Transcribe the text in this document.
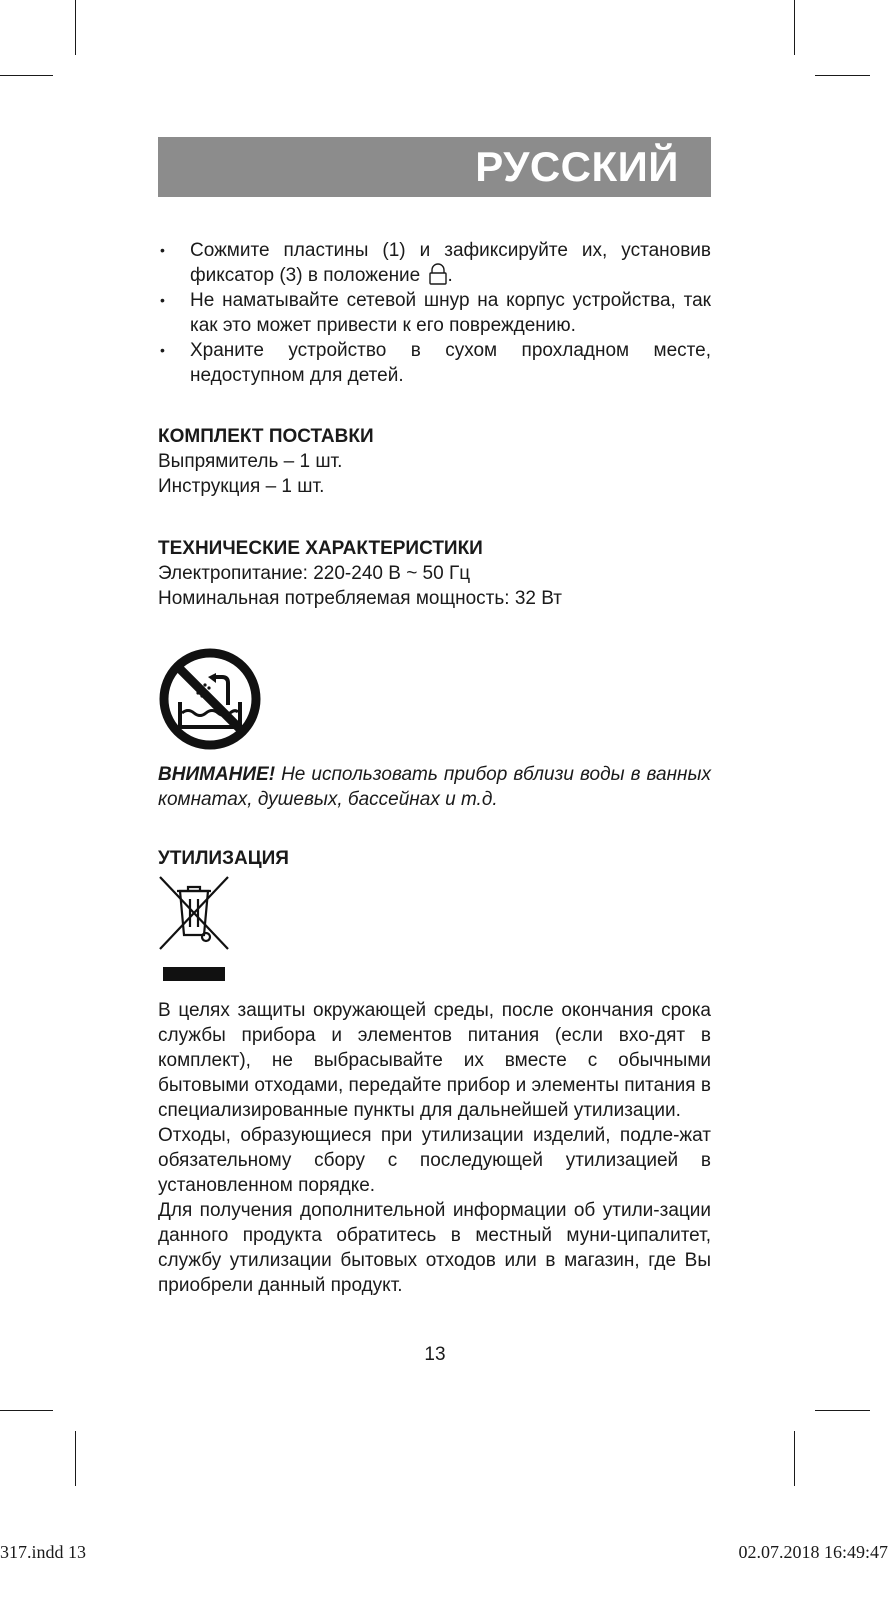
РУССКИЙ
• Сожмите пластины (1) и зафиксируйте их, установив фиксатор (3) в положение .
• Не наматывайте сетевой шнур на корпус устройства, так как это может привести к его повреждению.
• Храните устройство в сухом прохладном месте, недоступном для детей.
КОМПЛЕКТ ПОСТАВКИ
Выпрямитель – 1 шт.
Инструкция – 1 шт.
ТЕХНИЧЕСКИЕ ХАРАКТЕРИСТИКИ
Электропитание: 220-240 В ~ 50 Гц
Номинальная потребляемая мощность: 32 Вт
ВНИМАНИЕ! Не использовать прибор вблизи воды в ванных комнатах, душевых, бассейнах и т.д.
УТИЛИЗАЦИЯ

В целях защиты окружающей среды, после окончания срока службы прибора и элементов питания (если вхо-дят в комплект), не выбрасывайте их вместе с обычными бытовыми отходами, передайте прибор и элементы питания в специализированные пункты для дальнейшей утилизации.

Отходы, образующиеся при утилизации изделий, подле-жат обязательному сбору с последующей утилизацией в установленном порядке.

Для получения дополнительной информации об утили-зации данного продукта обратитесь в местный муни-ципалитет, службу утилизации бытовых отходов или в магазин, где Вы приобрели данный продукт.

13
317.indd 13	02.07.2018 16:49:47
